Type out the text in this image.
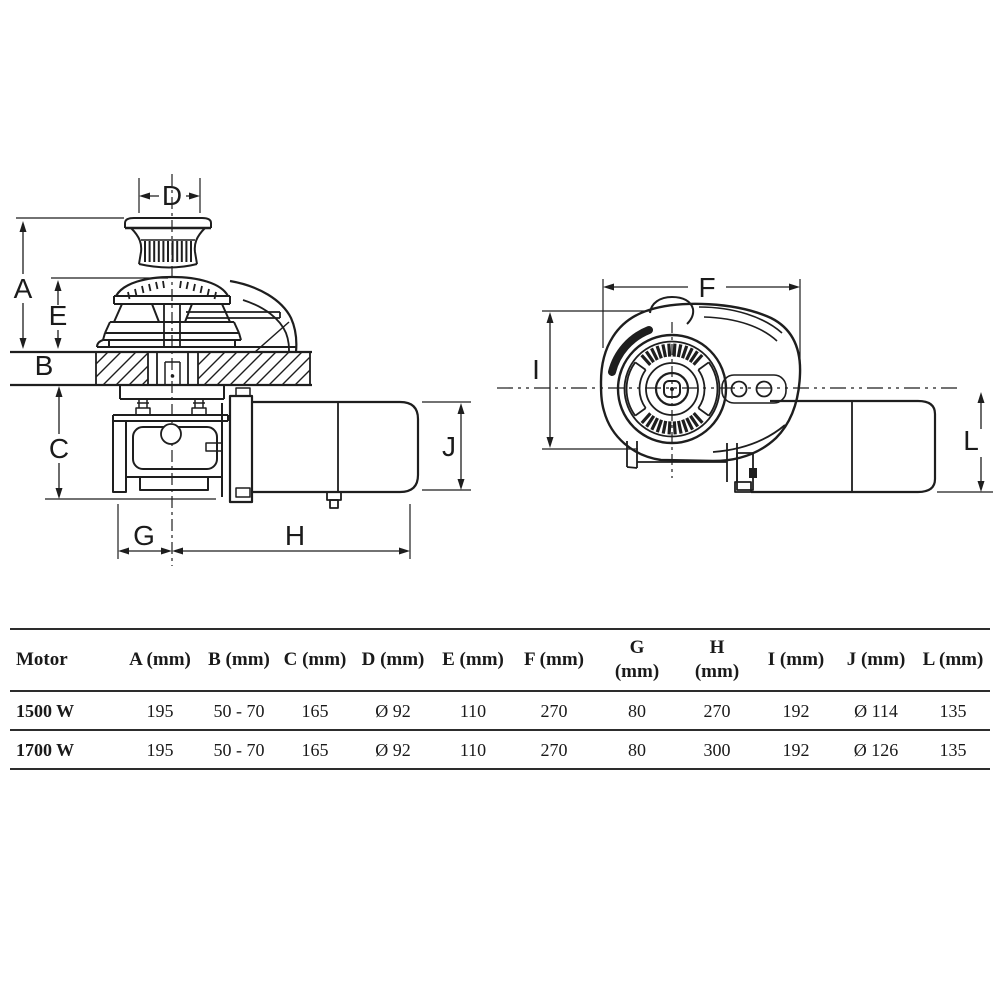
D
A
E
B
C
G	H
J
F
I
L
Motor	A (mm) B (mm) C (mm) D (mm) E (mm)	F (mm)
G
(mm)
H
(mm)
I (mm)	J (mm) L (mm)
1500 W	195	50 - 70	165	Ø 92	110	270	80	270	192	Ø 114	135
1700 W	195	50 - 70	165	Ø 92	110	270	80	300	192	Ø 126	135
